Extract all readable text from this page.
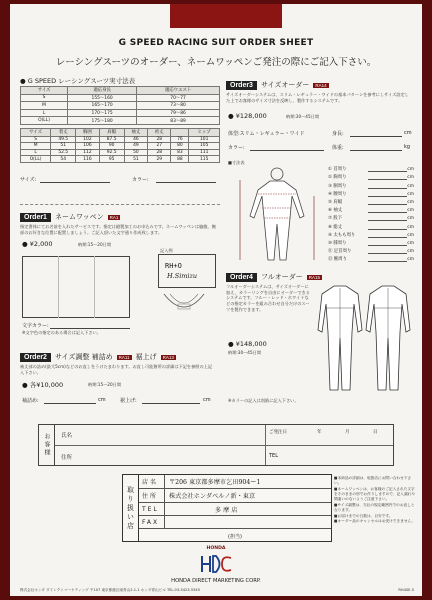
G SPEED RACING SUIT ORDER SHEET
レーシングスーツのオーダー、ネームワッペンご発注の際にご記入下さい。
● G SPEED レーシングスーツ実寸法表
サイズ	適応身長	適応ウエスト
S	155〜160	70〜77
M	165〜170	73〜80
L	170〜175	79〜86
O(LL)	175〜180	83〜89
サイズ	着丈	胸囲	肩幅	袖丈	裄丈		ヒップ
S	49.5	102	87.5	46	28	76	101
M	51	106	90	49	27	80	105
L	52.5	112	92.5	50	28	83	111
O(LL)	54	116	95	51	29	88	115
サイズ:	カラー:
Order1	ネームワッペン	RA1
指定書体にてお名前を入れたサービスです。指定は縫製加工のお申込みです。ネームワッペンは脇腹、腕部のお好きな位置に配置しましょう。ご記入頂いた文字通り作成致します。
● ¥2,000	納期:15〜20日間
記入例
RH+O
H.Simizu
文字カラー:
※文字色の指定のある場合は記入下さい。
Order2	サイズ調整 補詰め	RA11 裾上げ	RA13
袖丈部の詰め(最大5cm)などのお直しをうけたまわります。お直し可能箇所の詳細は下記を参照の上記入下さい。
● 各¥10,000	納期:15〜20日間
袖詰め:	cm	裾上げ:	cm
Order3	サイズオーダー	RA14
サイズオーダーシステムは、スリム・レギュラー・ワイドの基本パターンを参考にしサイズ設定した上でお客様のサイズ寸法を反映し、製作するシステムです。
● ¥128,000	納期:30〜45日間
体型:スリム・レギュラー・ワイド	身長:	cm
カラー:	体重:	kg
■寸法表
① 首周り	cm
② 胸周り	cm
③ 胴周り	cm
④ 腰周り	cm
⑤ 肩幅	cm
⑥ 袖丈	cm
⑦ 股下	cm
⑧ 総丈	cm
⑨ 太もも周り	cm
⑩ 膝周り	cm
⑪ 足首周り	cm
⑫ 腕周り	cm
Order4	フルオーダー	RA15
フルオーダーシステムは、サイズオーダーに加え、カラーリングを自由にオーダーできるシステムです。フルー・レッド・ホワイトなどの指定カラーを組み合わせ自分だけのスーツを製作できます。
● ¥148,000
納期:30〜45日間
※カラーの記入は別紙に記入下さい。
お客様	氏名
住所
ご発注日	年	月	日
TEL
取り扱い店
店名	〒206 東京都多摩市乞田904ー1
住所	株式会社ホンダベルノ新・東京
TEL	多 摩 店
FAX
(担当)
■本商品の詳細は、取扱店にお問い合わせ下さい。
■ネームワッペンは、お客様のご記入された文字をそのままの形でお作りしますので、記入漏れや間違いのないようご注意下さい。
■サイズ調整は、当社の規定範囲内でのお直しとなります。
■お届けまでの日数は、目安です。
■オーダー品のキャンセルはお受けできません。
HONDA
HONDA DIRECT MARKETING CORP.
株式会社ホンダ ダイレクトマーケティング 〒107 東京都港区南青山2-1-1 ホンダ青山ビル TEL.03-3423-5345	RH4SE-5
